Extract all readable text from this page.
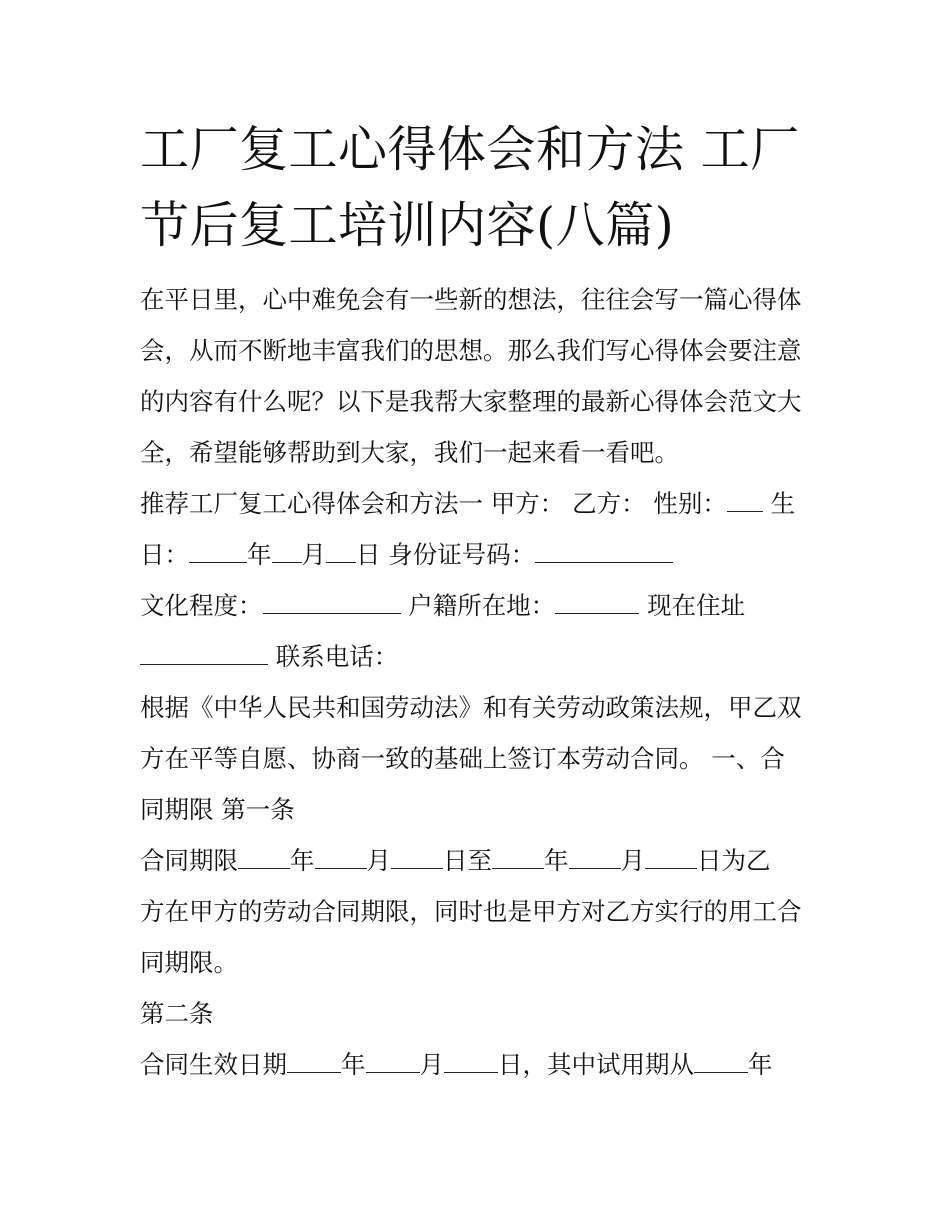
工厂复工心得体会和方法 工厂
节后复工培训内容(八篇)

在平日里，心中难免会有一些新的想法，往往会写一篇心得体

会，从而不断地丰富我们的思想。那么我们写心得体会要注意

的内容有什么呢？以下是我帮大家整理的最新心得体会范文大

全，希望能够帮助到大家，我们一起来看一看吧。

推荐工厂复工心得体会和方法一 甲方： 乙方： 性别： 生

日： 年 月 日 身份证号码：

文化程度：	户籍所在地：	现在住址

联系电话：

根据《中华人民共和国劳动法》和有关劳动政策法规，甲乙双

方在平等自愿、协商一致的基础上签订本劳动合同。 一、合

同期限 第一条

合同期限 年 月 日至 年 月 日为乙

方在甲方的劳动合同期限，同时也是甲方对乙方实行的用工合

同期限。

第二条

合同生效日期 年 月 日，其中试用期从 年
